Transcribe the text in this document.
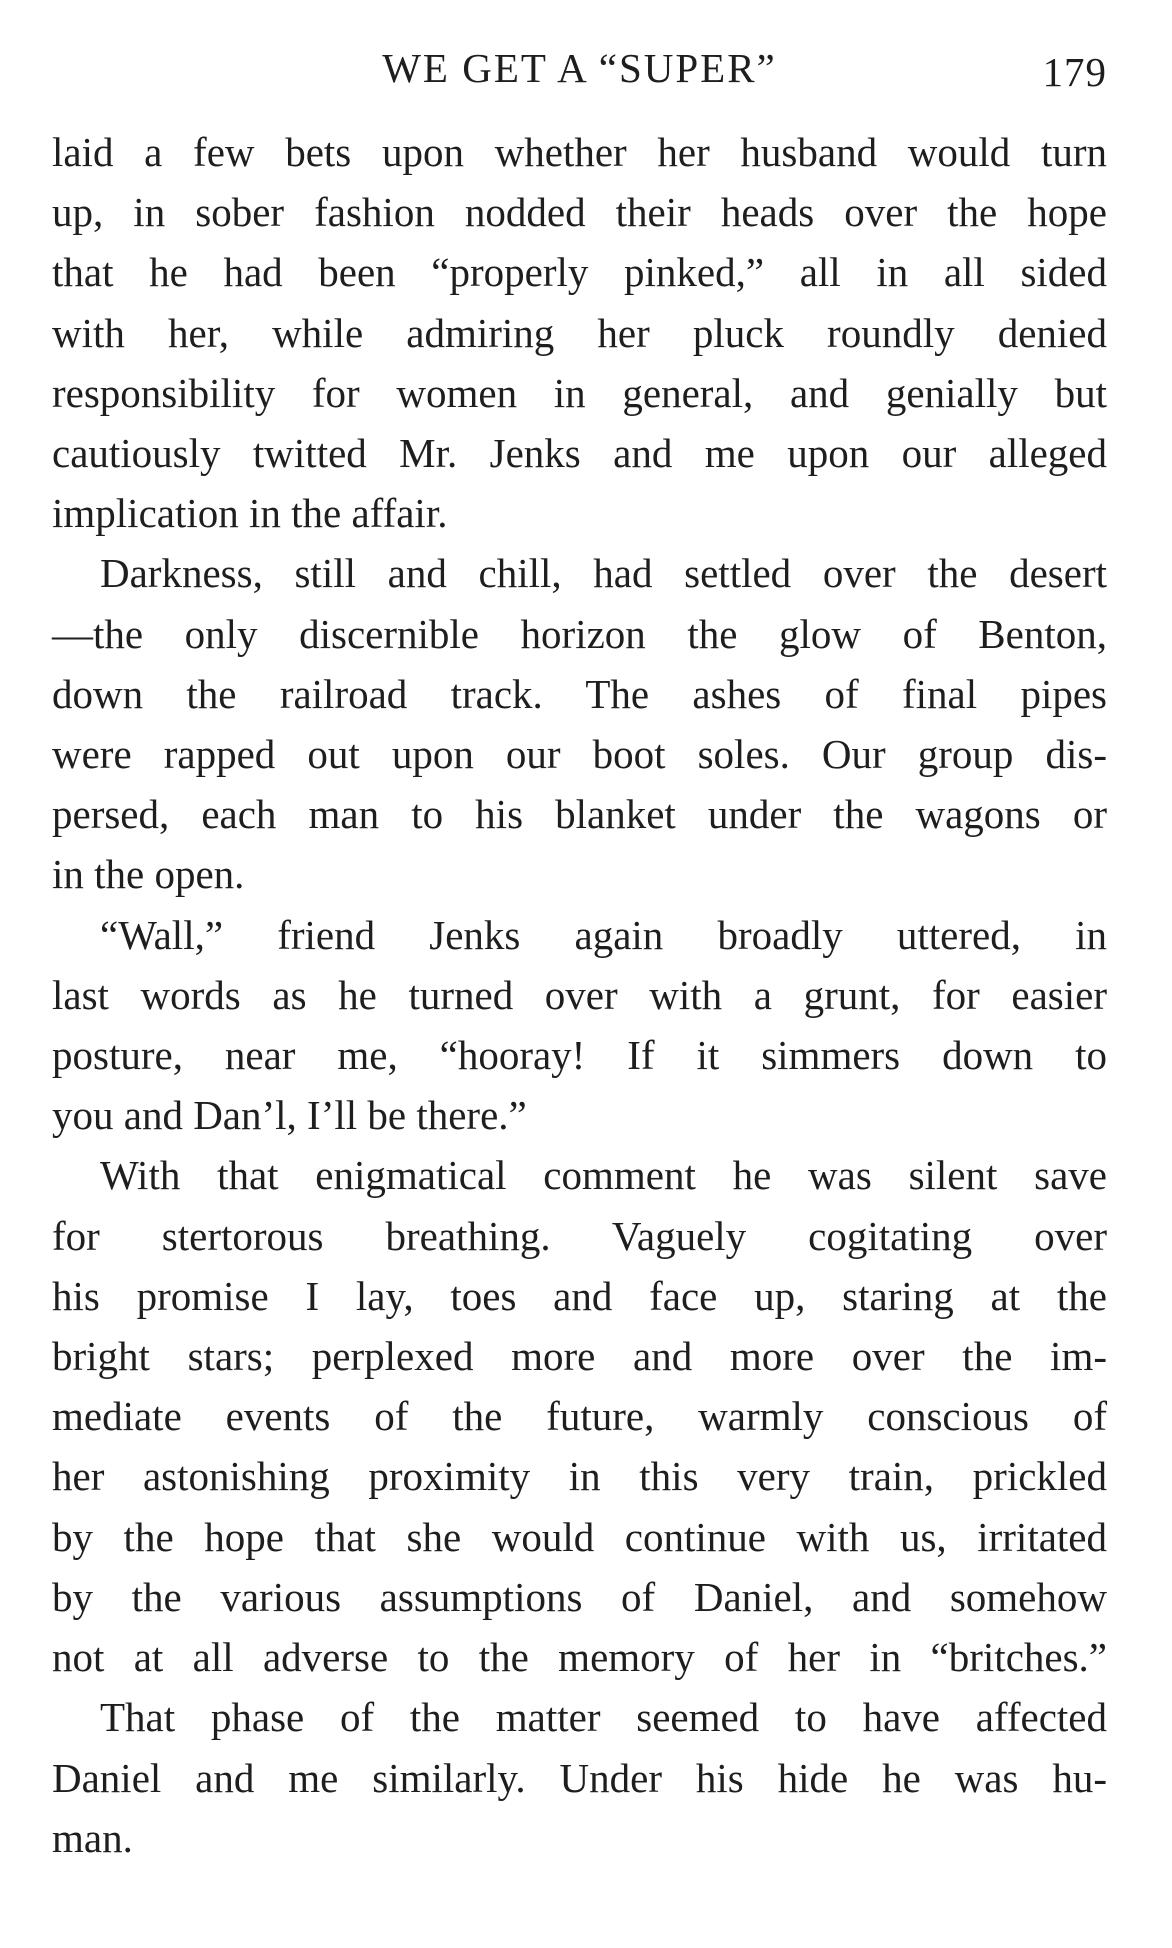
WE GET A “SUPER”	179

laid a few bets upon whether her husband would turn
up, in sober fashion nodded their heads over the hope
that he had been “properly pinked,” all in all sided
with her, while admiring her pluck roundly denied
responsibility for women in general, and genially but
cautiously twitted Mr. Jenks and me upon our alleged
implication in the affair.

Darkness, still and chill, had settled over the desert
—the only discernible horizon the glow of Benton,
down the railroad track. The ashes of final pipes
were rapped out upon our boot soles. Our group dis-
persed, each man to his blanket under the wagons or
in the open.

“Wall,” friend Jenks again broadly uttered, in
last words as he turned over with a grunt, for easier
posture, near me, “hooray! If it simmers down to
you and Dan’l, I’ll be there.”

With that enigmatical comment he was silent save
for stertorous breathing. Vaguely cogitating over
his promise I lay, toes and face up, staring at the
bright stars; perplexed more and more over the im-
mediate events of the future, warmly conscious of
her astonishing proximity in this very train, prickled
by the hope that she would continue with us, irritated
by the various assumptions of Daniel, and somehow
not at all adverse to the memory of her in “britches.”

That phase of the matter seemed to have affected
Daniel and me similarly. Under his hide he was hu-
man.
